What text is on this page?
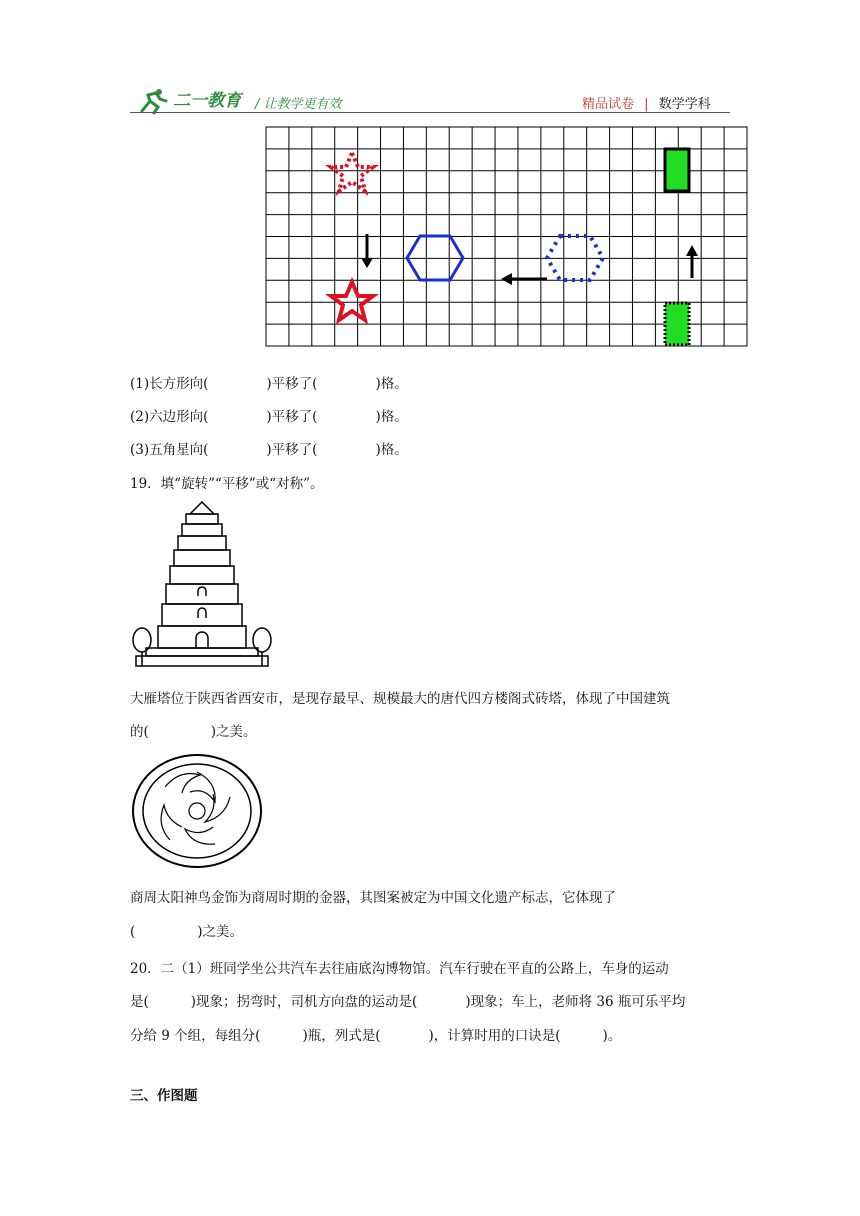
二一教育 / 让教学更有效	精品试卷 | 数学学科
(1)长方形向(	)平移了(	)格。
(2)六边形向(	)平移了(	)格。
(3)五角星向(	)平移了(	)格。
19．填“旋转”“平移”或“对称”。
大雁塔位于陕西省西安市，是现存最早、规模最大的唐代四方楼阁式砖塔，体现了中国建筑
的(	)之美。
商周太阳神鸟金饰为商周时期的金器，其图案被定为中国文化遗产标志，它体现了
(	)之美。
20．二（1）班同学坐公共汽车去往庙底沟博物馆。汽车行驶在平直的公路上，车身的运动
是(	)现象；拐弯时，司机方向盘的运动是(	)现象；车上，老师将 36 瓶可乐平均
分给 9 个组，每组分(	)瓶，列式是(	)，计算时用的口诀是(	)。
三、作图题
